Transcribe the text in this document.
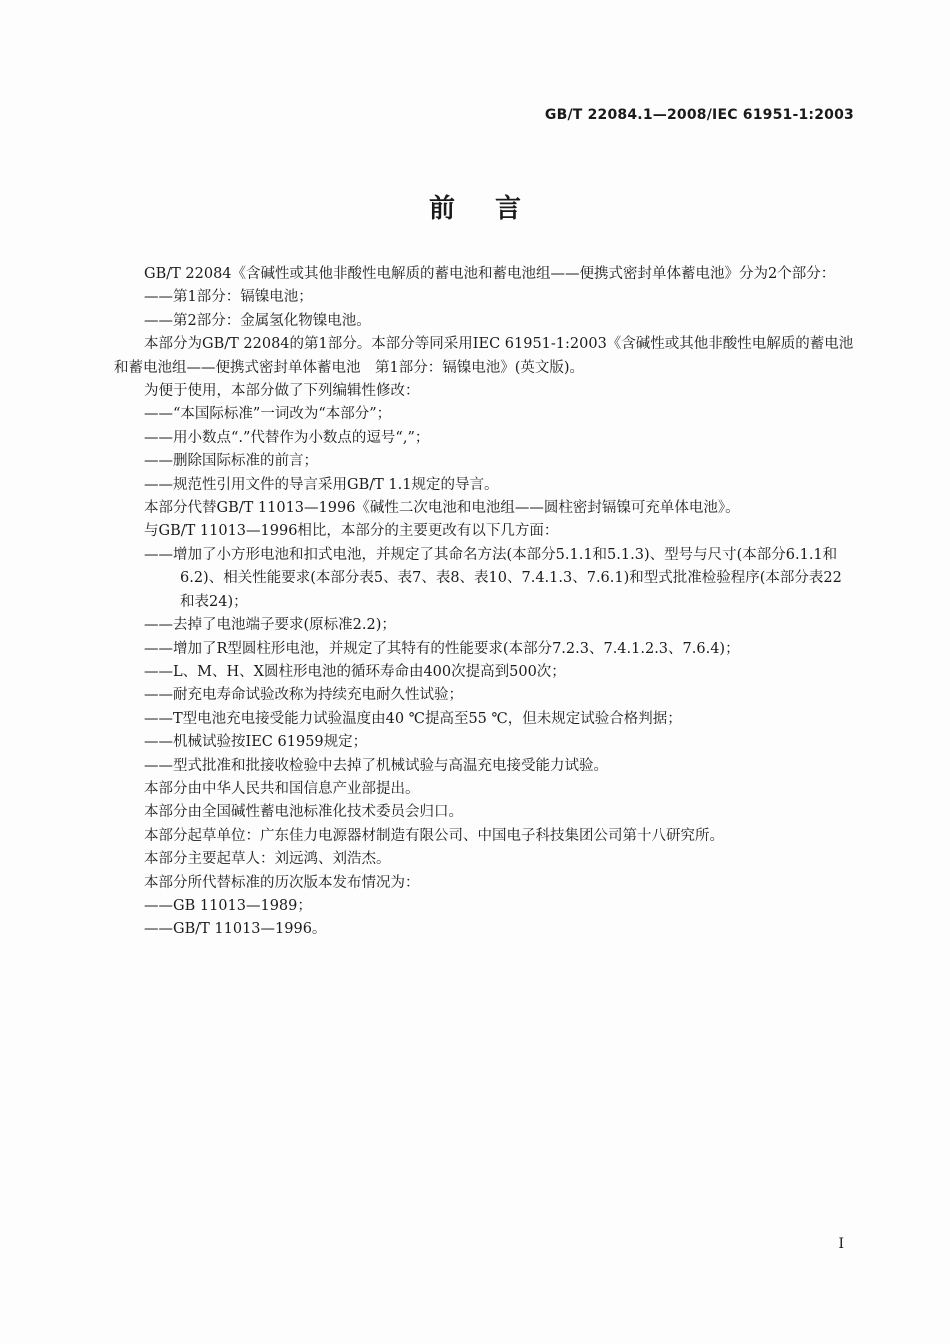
GB/T 22084.1—2008/IEC 61951-1:2003
前言

GB/T 22084《含碱性或其他非酸性电解质的蓄电池和蓄电池组——便携式密封单体蓄电池》分为2个部分：

——第1部分：镉镍电池；

——第2部分：金属氢化物镍电池。

本部分为GB/T 22084的第1部分。本部分等同采用IEC 61951-1:2003《含碱性或其他非酸性电解质的蓄电池和蓄电池组——便携式密封单体蓄电池　第1部分：镉镍电池》(英文版)。

为便于使用，本部分做了下列编辑性修改：

——“本国际标准”一词改为“本部分”；

——用小数点“.”代替作为小数点的逗号“,”；

——删除国际标准的前言；

——规范性引用文件的导言采用GB/T 1.1规定的导言。

本部分代替GB/T 11013—1996《碱性二次电池和电池组——圆柱密封镉镍可充单体电池》。

与GB/T 11013—1996相比，本部分的主要更改有以下几方面：

——增加了小方形电池和扣式电池，并规定了其命名方法(本部分5.1.1和5.1.3)、型号与尺寸(本部分6.1.1和6.2)、相关性能要求(本部分表5、表7、表8、表10、7.4.1.3、7.6.1)和型式批准检验程序(本部分表22和表24)；

——去掉了电池端子要求(原标准2.2)；

——增加了R型圆柱形电池，并规定了其特有的性能要求(本部分7.2.3、7.4.1.2.3、7.6.4)；

——L、M、H、X圆柱形电池的循环寿命由400次提高到500次；

——耐充电寿命试验改称为持续充电耐久性试验；

——T型电池充电接受能力试验温度由40 ℃提高至55 ℃，但未规定试验合格判据；

——机械试验按IEC 61959规定；

——型式批准和批接收检验中去掉了机械试验与高温充电接受能力试验。

本部分由中华人民共和国信息产业部提出。

本部分由全国碱性蓄电池标准化技术委员会归口。

本部分起草单位：广东佳力电源器材制造有限公司、中国电子科技集团公司第十八研究所。

本部分主要起草人：刘远鸿、刘浩杰。

本部分所代替标准的历次版本发布情况为：

——GB 11013—1989；

——GB/T 11013—1996。

I
